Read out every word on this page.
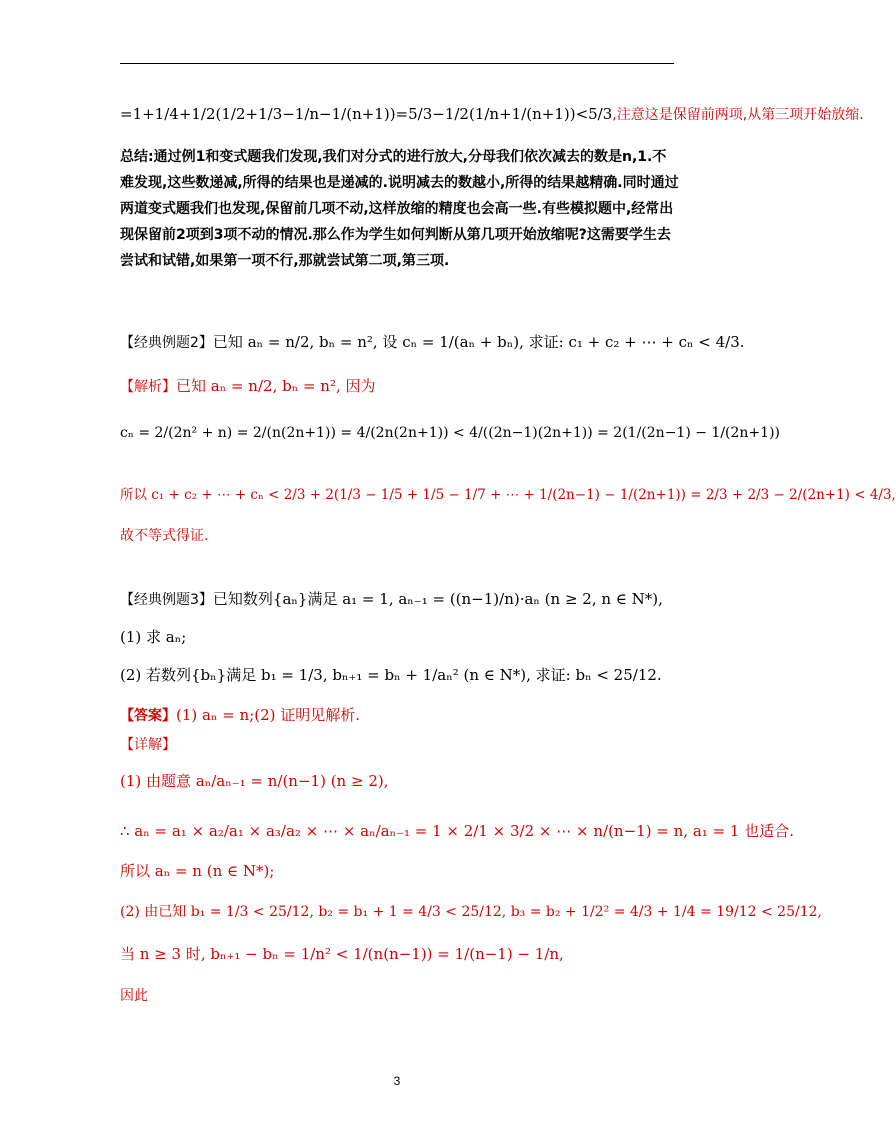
=1+1/4+1/2(1/2+1/3−1/n−1/(n+1))=5/3−1/2(1/n+1/(n+1))<5/3,注意这是保留前两项,从第三项开始放缩.
总结:通过例1和变式题我们发现,我们对分式的进行放大,分母我们依次减去的数是n,1.不难发现,这些数递减,所得的结果也是递减的.说明减去的数越小,所得的结果越精确.同时通过两道变式题我们也发现,保留前几项不动,这样放缩的精度也会高一些.有些模拟题中,经常出现保留前2项到3项不动的情况.那么作为学生如何判断从第几项开始放缩呢?这需要学生去尝试和试错,如果第一项不行,那就尝试第二项,第三项.
【经典例题2】已知 aₙ = n/2, bₙ = n², 设 cₙ = 1/(aₙ + bₙ), 求证: c₁ + c₂ + ⋯ + cₙ < 4/3.
【解析】已知 aₙ = n/2, bₙ = n², 因为
cₙ = 2/(2n² + n) = 2/(n(2n+1)) = 4/(2n(2n+1)) < 4/((2n−1)(2n+1)) = 2(1/(2n−1) − 1/(2n+1))
所以 c₁ + c₂ + ⋯ + cₙ < 2/3 + 2(1/3 − 1/5 + 1/5 − 1/7 + ⋯ + 1/(2n−1) − 1/(2n+1)) = 2/3 + 2/3 − 2/(2n+1) < 4/3,
故不等式得证.
【经典例题3】已知数列{aₙ}满足 a₁ = 1, aₙ₋₁ = ((n−1)/n)·aₙ (n ≥ 2, n ∈ N*),
(1) 求 aₙ;
(2) 若数列{bₙ}满足 b₁ = 1/3, bₙ₊₁ = bₙ + 1/aₙ² (n ∈ N*), 求证: bₙ < 25/12.
【答案】(1) aₙ = n;(2) 证明见解析.
【详解】
(1) 由题意 aₙ/aₙ₋₁ = n/(n−1) (n ≥ 2),
∴ aₙ = a₁ × a₂/a₁ × a₃/a₂ × ⋯ × aₙ/aₙ₋₁ = 1 × 2/1 × 3/2 × ⋯ × n/(n−1) = n, a₁ = 1 也适合.
所以 aₙ = n (n ∈ N*);
(2) 由已知 b₁ = 1/3 < 25/12, b₂ = b₁ + 1 = 4/3 < 25/12, b₃ = b₂ + 1/2² = 4/3 + 1/4 = 19/12 < 25/12,
当 n ≥ 3 时, bₙ₊₁ − bₙ = 1/n² < 1/(n(n−1)) = 1/(n−1) − 1/n,
因此
3
